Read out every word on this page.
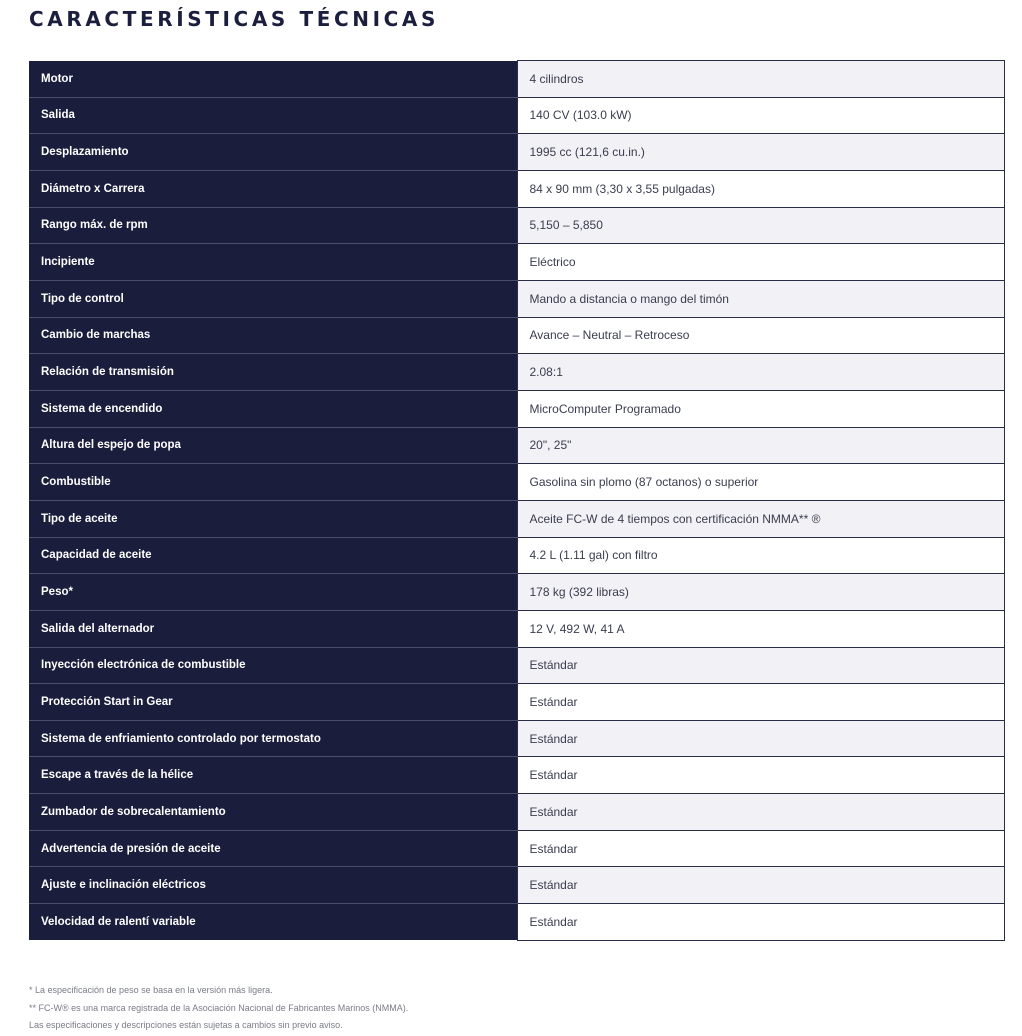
CARACTERÍSTICAS TÉCNICAS
Motor	4 cilindros
Salida	140 CV (103.0 kW)
Desplazamiento	1995 cc (121,6 cu.in.)
Diámetro x Carrera	84 x 90 mm (3,30 x 3,55 pulgadas)
Rango máx. de rpm	5,150 – 5,850
Incipiente	Eléctrico
Tipo de control	Mando a distancia o mango del timón
Cambio de marchas	Avance – Neutral – Retroceso
Relación de transmisión	2.08:1
Sistema de encendido	MicroComputer Programado
Altura del espejo de popa	20", 25"
Combustible	Gasolina sin plomo (87 octanos) o superior
Tipo de aceite	Aceite FC-W de 4 tiempos con certificación NMMA** ®
Capacidad de aceite	4.2 L (1.11 gal) con filtro
Peso*	178 kg (392 libras)
Salida del alternador	12 V, 492 W, 41 A
Inyección electrónica de combustible	Estándar
Protección Start in Gear	Estándar
Sistema de enfriamiento controlado por termostato	Estándar
Escape a través de la hélice	Estándar
Zumbador de sobrecalentamiento	Estándar
Advertencia de presión de aceite	Estándar
Ajuste e inclinación eléctricos	Estándar
Velocidad de ralentí variable	Estándar
* La especificación de peso se basa en la versión más ligera.
** FC-W® es una marca registrada de la Asociación Nacional de Fabricantes Marinos (NMMA).
Las especificaciones y descripciones están sujetas a cambios sin previo aviso.
